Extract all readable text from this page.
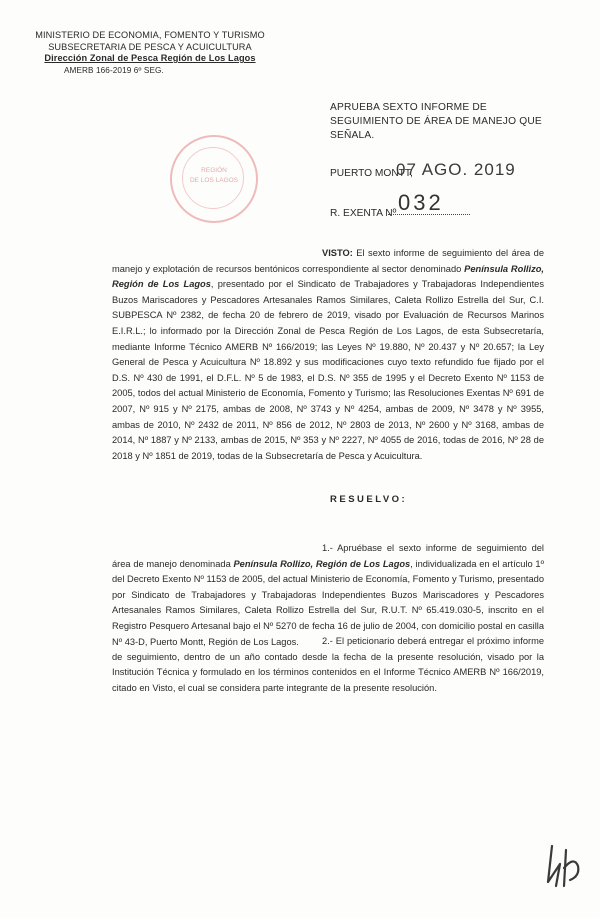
MINISTERIO DE ECONOMIA, FOMENTO Y TURISMO
SUBSECRETARIA DE PESCA Y ACUICULTURA
Dirección Zonal de Pesca Región de Los Lagos
AMERB 166-2019 6º SEG.
REGIÓN
DE LOS LAGOS
APRUEBA SEXTO INFORME DE SEGUIMIENTO DE ÁREA DE MANEJO QUE SEÑALA.
PUERTO MONTT,
07 AGO. 2019
R. EXENTA Nº 032
VISTO: El sexto informe de seguimiento del área de manejo y explotación de recursos bentónicos correspondiente al sector denominado Península Rollizo, Región de Los Lagos, presentado por el Sindicato de Trabajadores y Trabajadoras Independientes Buzos Mariscadores y Pescadores Artesanales Ramos Similares, Caleta Rollizo Estrella del Sur, C.I. SUBPESCA Nº 2382, de fecha 20 de febrero de 2019, visado por Evaluación de Recursos Marinos E.I.R.L.; lo informado por la Dirección Zonal de Pesca Región de Los Lagos, de esta Subsecretaría, mediante Informe Técnico AMERB Nº 166/2019; las Leyes Nº 19.880, Nº 20.437 y Nº 20.657; la Ley General de Pesca y Acuicultura Nº 18.892 y sus modificaciones cuyo texto refundido fue fijado por el D.S. Nº 430 de 1991, el D.F.L. Nº 5 de 1983, el D.S. Nº 355 de 1995 y el Decreto Exento Nº 1153 de 2005, todos del actual Ministerio de Economía, Fomento y Turismo; las Resoluciones Exentas Nº 691 de 2007, Nº 915 y Nº 2175, ambas de 2008, Nº 3743 y Nº 4254, ambas de 2009, Nº 3478 y Nº 3955, ambas de 2010, Nº 2432 de 2011, Nº 856 de 2012, Nº 2803 de 2013, Nº 2600 y Nº 3168, ambas de 2014, Nº 1887 y Nº 2133, ambas de 2015, Nº 353 y Nº 2227, Nº 4055 de 2016, todas de 2016, Nº 28 de 2018 y Nº 1851 de 2019, todas de la Subsecretaría de Pesca y Acuicultura.
RESUELVO:
1.- Apruébase el sexto informe de seguimiento del área de manejo denominada Península Rollizo, Región de Los Lagos, individualizada en el artículo 1º del Decreto Exento Nº 1153 de 2005, del actual Ministerio de Economía, Fomento y Turismo, presentado por Sindicato de Trabajadores y Trabajadoras Independientes Buzos Mariscadores y Pescadores Artesanales Ramos Similares, Caleta Rollizo Estrella del Sur, R.U.T. Nº 65.419.030-5, inscrito en el Registro Pesquero Artesanal bajo el Nº 5270 de fecha 16 de julio de 2004, con domicilio postal en casilla Nº 43-D, Puerto Montt, Región de Los Lagos.	2.- El peticionario deberá entregar el próximo informe de seguimiento, dentro de un año contado desde la fecha de la presente resolución, visado por la Institución Técnica y formulado en los términos contenidos en el Informe Técnico AMERB Nº 166/2019, citado en Visto, el cual se considera parte integrante de la presente resolución.
